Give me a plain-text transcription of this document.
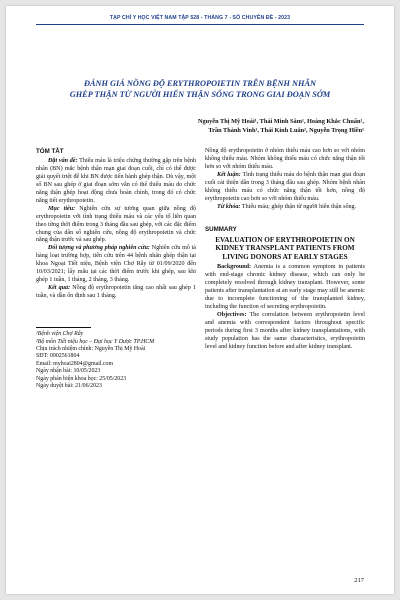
TẠP CHÍ Y HỌC VIỆT NAM TẬP 528 - THÁNG 7 - SỐ CHUYÊN ĐỀ - 2023
ĐÁNH GIÁ NỒNG ĐỘ ERYTHROPOIETIN TRÊN BỆNH NHÂN
GHÉP THẬN TỪ NGƯỜI HIẾN THẬN SỐNG TRONG GIAI ĐOẠN SỚM
Nguyễn Thị Mỹ Hoài¹, Thái Minh Sâm¹, Hoàng Khắc Chuẩn¹,
Trần Thành Vinh¹, Thái Kinh Luân², Nguyễn Trọng Hiền¹
TÓM TẮT

Đặt vấn đề: Thiếu máu là triệu chứng thường gặp trên bệnh nhân (BN) mắc bệnh thận mạn giai đoạn cuối, chỉ có thể được giải quyết triệt để khi BN được tiến hành ghép thận. Dù vậy, một số BN sau ghép ở giai đoạn sớm vẫn có thể thiếu máu do chức năng thận ghép hoạt động chưa hoàn chỉnh, trong đó có chức năng tiết erythropoietin.

Mục tiêu: Nghiên cứu sự tương quan giữa nồng độ erythropoietin với tình trạng thiếu máu và các yếu tố liên quan theo từng thời điểm trong 3 tháng đầu sau ghép, với các đặc điểm chung của dân số nghiên cứu, nồng độ erythropoietin và chức năng thận trước và sau ghép.

Đối tượng và phương pháp nghiên cứu: Nghiên cứu mô tả hàng loạt trường hợp, tiến cứu trên 44 bệnh nhân ghép thận tại khoa Ngoại Tiết niệu, Bệnh viện Chợ Rẫy từ 01/09/2020 đến 10/03/2021; lấy mẫu tại các thời điểm trước khi ghép, sau khi ghép 1 tuần, 1 tháng, 2 tháng, 3 tháng.

Kết quả: Nồng độ erythropoietin tăng cao nhất sau ghép 1 tuần, và dần ổn định sau 1 tháng.

¹Bệnh viện Chợ Rẫy
²Bộ môn Tiết niệu học – Đại học Y Dược TP.HCM
Chịu trách nhiệm chính: Nguyễn Thị Mỹ Hoài
SĐT: 0902561804
Email: myhoai2804@gmail.com
Ngày nhận bài: 10/05/2023
Ngày phản biện khoa học: 25/05/2023
Ngày duyệt bài: 21/06/2023

Nồng độ erythropoietin ở nhóm thiếu máu cao hơn so với nhóm không thiếu máu. Nhóm không thiếu máu có chức năng thận tốt hơn so với nhóm thiếu máu.

Kết luận: Tình trạng thiếu máu do bệnh thận mạn giai đoạn cuối cải thiện dần trong 3 tháng đầu sau ghép. Nhóm bệnh nhân không thiếu máu có chức năng thận tốt hơn, nồng độ erythropoietin cao hơn so với nhóm thiếu máu.

Từ khóa: Thiếu máu; ghép thận từ người hiến thận sống.

SUMMARY
EVALUATION OF ERYTHROPOIETIN ON KIDNEY TRANSPLANT PATIENTS FROM LIVING DONORS AT EARLY STAGES

Background: Anemia is a common symptom in patients with end-stage chronic kidney disease, which can only be completely resolved through kidney transplant. However, some patients after transplantation at an early stage may still be anemic due to incomplete functioning of the transplanted kidney, including the function of secreting erythropoietin.

Objectives: The correlation between erythropoietin level and anemia with correspondent factors throughout specific periods during first 3 months after kidney transplantations, with study population has the same characteristics, erythropoietin level and kidney function before and after kidney transplant.

217
